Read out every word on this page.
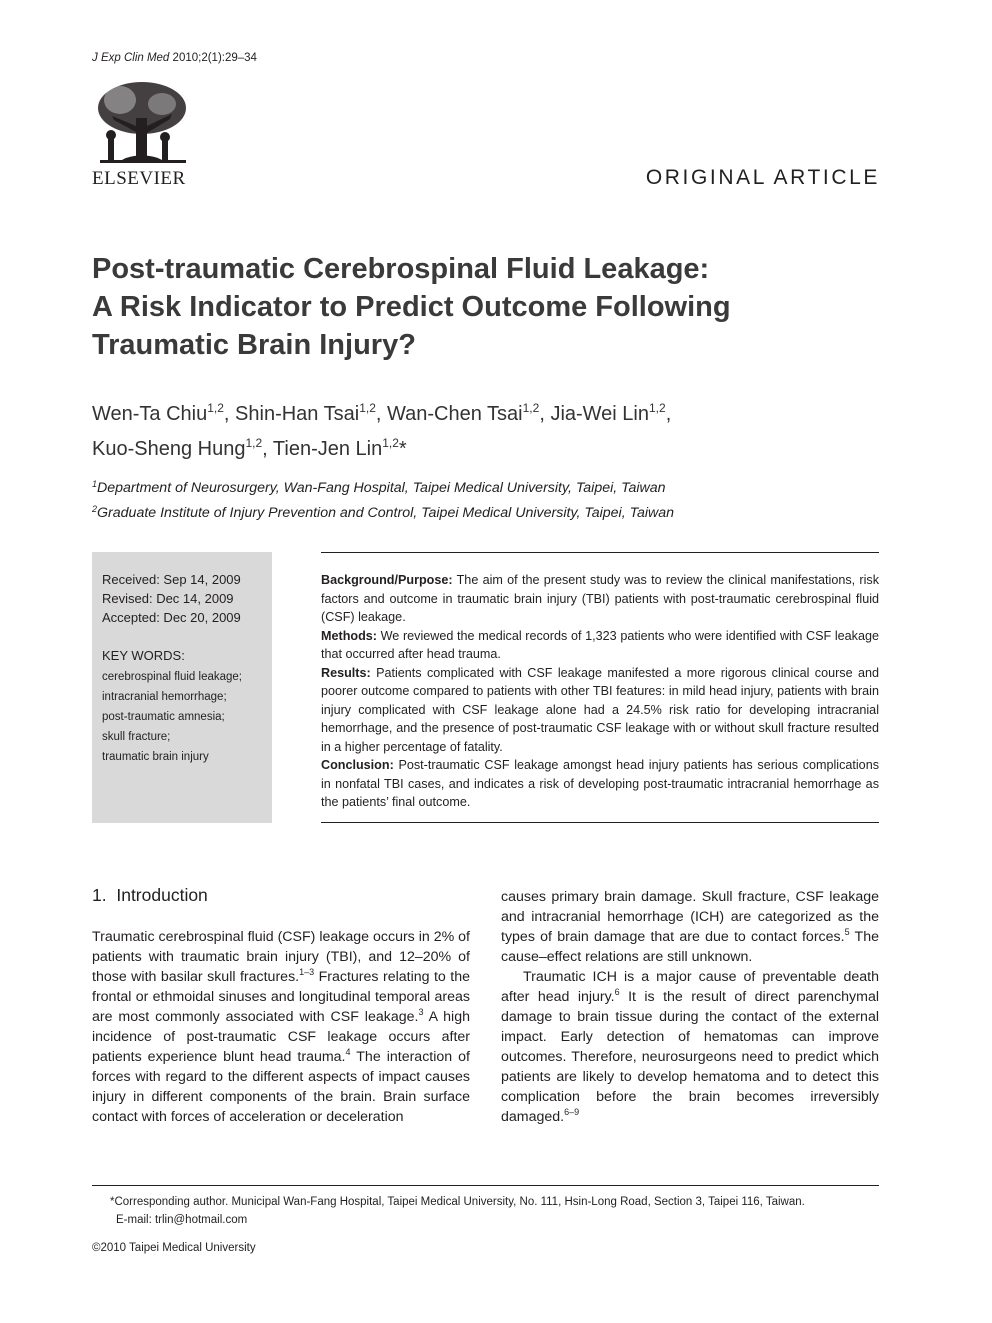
J Exp Clin Med 2010;2(1):29–34
ELSEVIER	ORIGINAL ARTICLE
Post-traumatic Cerebrospinal Fluid Leakage:
A Risk Indicator to Predict Outcome Following
Traumatic Brain Injury?
Wen-Ta Chiu$^{1,2}$, Shin-Han Tsai$^{1,2}$, Wan-Chen Tsai$^{1,2}$, Jia-Wei Lin$^{1,2}$,
Kuo-Sheng Hung$^{1,2}$, Tien-Jen Lin$^{1,2}$*
$^1$Department of Neurosurgery, Wan-Fang Hospital, Taipei Medical University, Taipei, Taiwan
$^2$Graduate Institute of Injury Prevention and Control, Taipei Medical University, Taipei, Taiwan
Received: Sep 14, 2009
Revised: Dec 14, 2009
Accepted: Dec 20, 2009
KEY WORDS:
cerebrospinal fluid leakage;
intracranial hemorrhage;
post-traumatic amnesia;
skull fracture;
traumatic brain injury

Background/Purpose: The aim of the present study was to review the clinical manifestations, risk factors and outcome in traumatic brain injury (TBI) patients with post-traumatic cerebrospinal fluid (CSF) leakage.

Methods: We reviewed the medical records of 1,323 patients who were identified with CSF leakage that occurred after head trauma.

Results: Patients complicated with CSF leakage manifested a more rigorous clinical course and poorer outcome compared to patients with other TBI features: in mild head injury, patients with brain injury complicated with CSF leakage alone had a 24.5% risk ratio for developing intracranial hemorrhage, and the presence of post-traumatic CSF leakage with or without skull fracture resulted in a higher percentage of fatality.

Conclusion: Post-traumatic CSF leakage amongst head injury patients has serious complications in nonfatal TBI cases, and indicates a risk of developing post-traumatic intracranial hemorrhage as the patients’ final outcome.

1. Introduction

Traumatic cerebrospinal fluid (CSF) leakage occurs in 2% of patients with traumatic brain injury (TBI), and 12–20% of those with basilar skull fractures.$^{1-3}$ Fractures relating to the frontal or ethmoidal sinuses and longitudinal temporal areas are most commonly associated with CSF leakage.$^3$ A high incidence of post-traumatic CSF leakage occurs after patients experience blunt head trauma.$^4$ The interaction of forces with regard to the different aspects of impact causes injury in different components of the brain. Brain surface contact with forces of acceleration or deceleration

causes primary brain damage. Skull fracture, CSF leakage and intracranial hemorrhage (ICH) are categorized as the types of brain damage that are due to contact forces.$^5$ The cause–effect relations are still unknown.

Traumatic ICH is a major cause of preventable death after head injury.$^6$ It is the result of direct parenchymal damage to brain tissue during the contact of the external impact. Early detection of hematomas can improve outcomes. Therefore, neurosurgeons need to predict which patients are likely to develop hematoma and to detect this complication before the brain becomes irreversibly damaged.$^{6-9}$

*Corresponding author. Municipal Wan-Fang Hospital, Taipei Medical University, No. 111, Hsin-Long Road, Section 3, Taipei 116, Taiwan.
E-mail: trlin@hotmail.com
©2010 Taipei Medical University
